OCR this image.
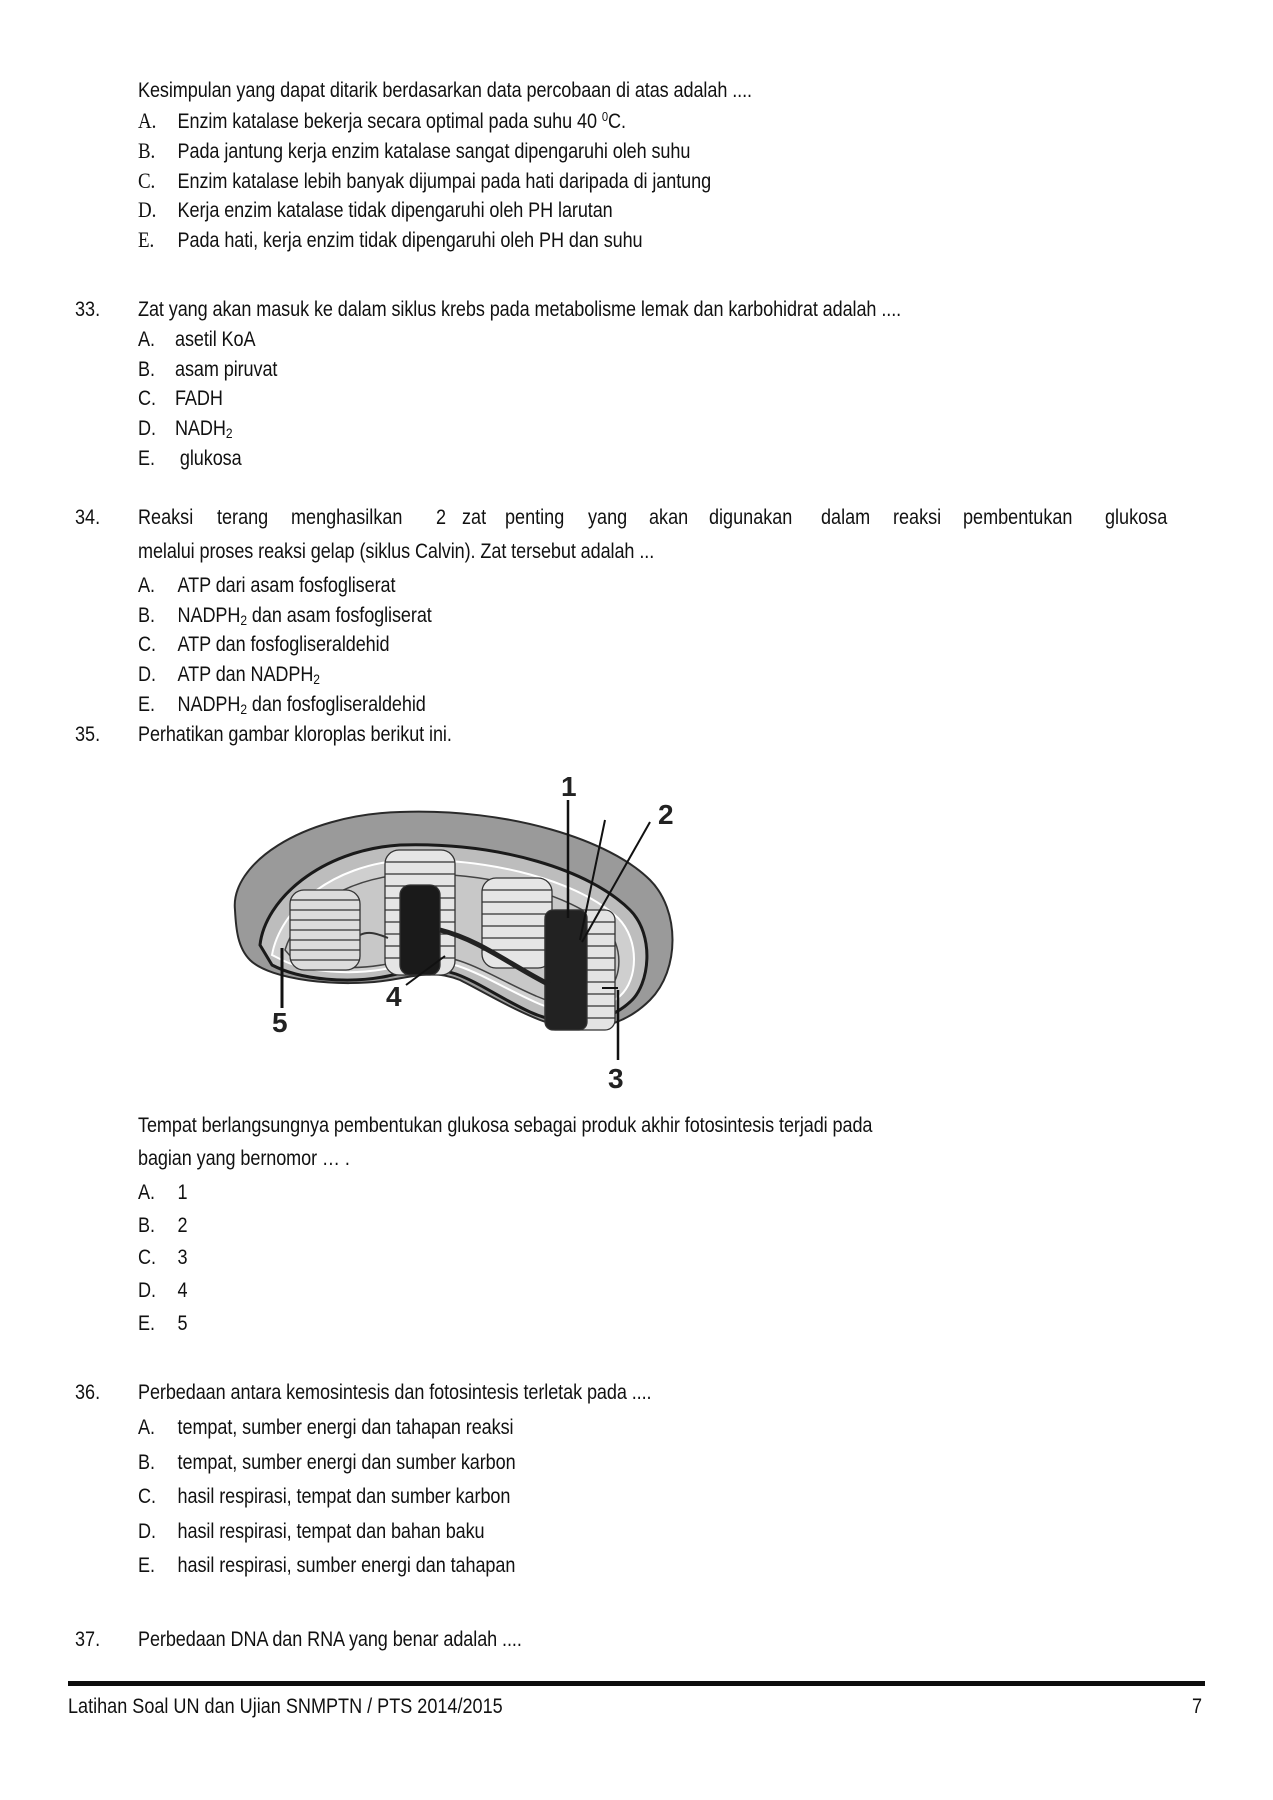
Kesimpulan yang dapat ditarik berdasarkan data percobaan di atas adalah ....
A. Enzim katalase bekerja secara optimal pada suhu 40 $^0$C.
B. Pada jantung kerja enzim katalase sangat dipengaruhi oleh suhu
C. Enzim katalase lebih banyak dijumpai pada hati daripada di jantung
D. Kerja enzim katalase tidak dipengaruhi oleh PH larutan
E. Pada hati, kerja enzim tidak dipengaruhi oleh PH dan suhu
33. Zat yang akan masuk ke dalam siklus krebs pada metabolisme lemak dan karbohidrat adalah ....
A. asetil KoA
B. asam piruvat
C. FADH
D. $NADH_2$
E. glukosa
34. Reaksi terang menghasilkan 2 zat penting yang akan digunakan dalam reaksi pembentukan glukosa
melalui proses reaksi gelap (siklus Calvin). Zat tersebut adalah ...
A. ATP dari asam fosfogliserat
B. $NADPH_2$ dan asam fosfogliserat
C. ATP dan fosfogliseraldehid
D. ATP dan $NADPH_2$
E. $NADPH_2$ dan fosfogliseraldehid
35. Perhatikan gambar kloroplas berikut ini.
1
2
3
4
5
Tempat berlangsungnya pembentukan glukosa sebagai produk akhir fotosintesis terjadi pada
bagian yang bernomor … .
A. 1
B. 2
C. 3
D. 4
E. 5
36. Perbedaan antara kemosintesis dan fotosintesis terletak pada ....
A. tempat, sumber energi dan tahapan reaksi
B. tempat, sumber energi dan sumber karbon
C. hasil respirasi, tempat dan sumber karbon
D. hasil respirasi, tempat dan bahan baku
E. hasil respirasi, sumber energi dan tahapan
37. Perbedaan DNA dan RNA yang benar adalah ....
Latihan Soal UN dan Ujian SNMPTN / PTS 2014/2015	7
